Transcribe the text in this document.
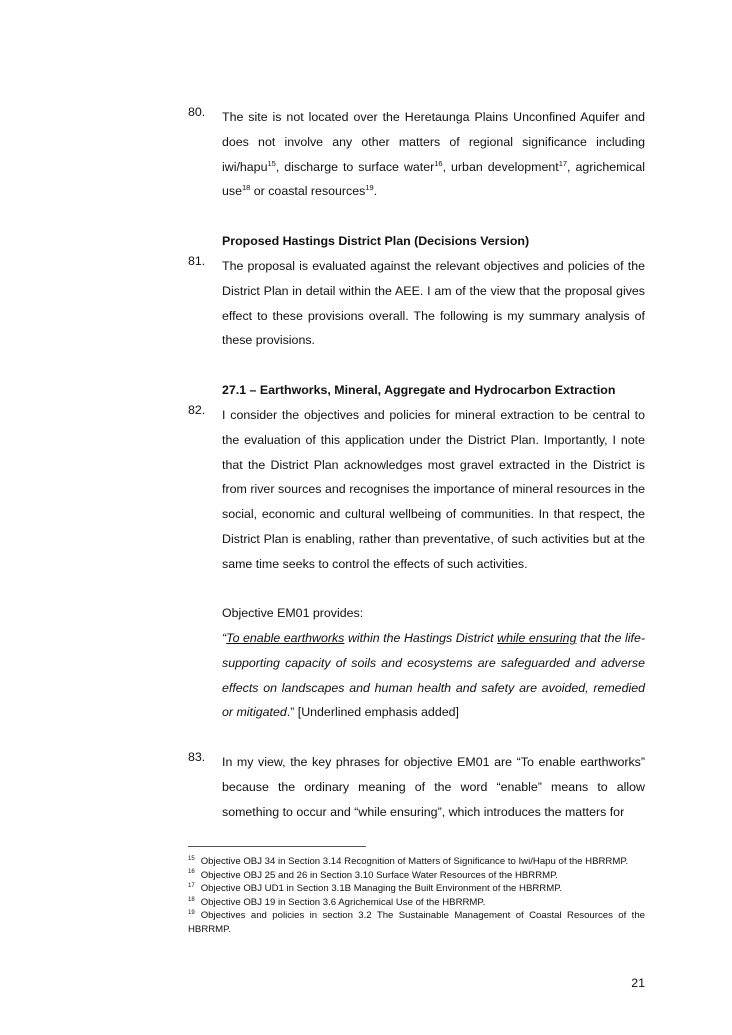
80. The site is not located over the Heretaunga Plains Unconfined Aquifer and does not involve any other matters of regional significance including iwi/hapu$^{15}$, discharge to surface water$^{16}$, urban development$^{17}$, agrichemical use$^{18}$ or coastal resources$^{19}$.
Proposed Hastings District Plan (Decisions Version)
81. The proposal is evaluated against the relevant objectives and policies of the District Plan in detail within the AEE. I am of the view that the proposal gives effect to these provisions overall. The following is my summary analysis of these provisions.
27.1 – Earthworks, Mineral, Aggregate and Hydrocarbon Extraction
82. I consider the objectives and policies for mineral extraction to be central to the evaluation of this application under the District Plan. Importantly, I note that the District Plan acknowledges most gravel extracted in the District is from river sources and recognises the importance of mineral resources in the social, economic and cultural wellbeing of communities. In that respect, the District Plan is enabling, rather than preventative, of such activities but at the same time seeks to control the effects of such activities.
Objective EM01 provides:
“To enable earthworks within the Hastings District while ensuring that the life-supporting capacity of soils and ecosystems are safeguarded and adverse effects on landscapes and human health and safety are avoided, remedied or mitigated.” [Underlined emphasis added]
83. In my view, the key phrases for objective EM01 are “To enable earthworks” because the ordinary meaning of the word “enable” means to allow something to occur and “while ensuring”, which introduces the matters for
$^{15}$ Objective OBJ 34 in Section 3.14 Recognition of Matters of Significance to Iwi/Hapu of the HBRRMP.
$^{16}$ Objective OBJ 25 and 26 in Section 3.10 Surface Water Resources of the HBRRMP.
$^{17}$ Objective OBJ UD1 in Section 3.1B Managing the Built Environment of the HBRRMP.
$^{18}$ Objective OBJ 19 in Section 3.6 Agrichemical Use of the HBRRMP.
$^{19}$ Objectives and policies in section 3.2 The Sustainable Management of Coastal Resources of the HBRRMP.
21
